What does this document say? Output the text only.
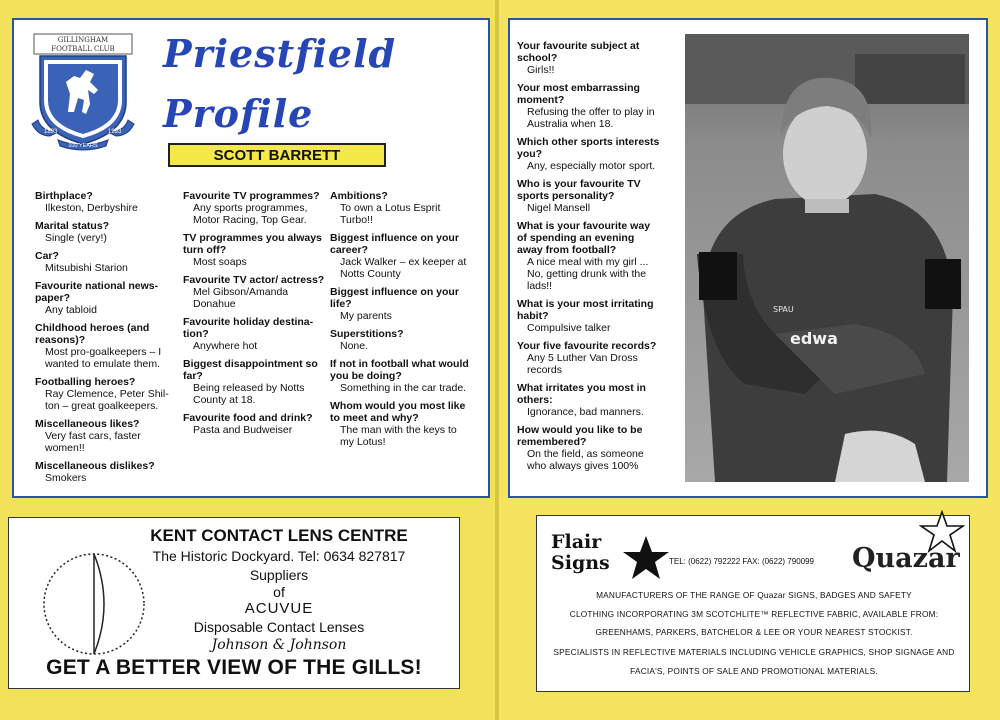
GILLINGHAM
FOOTBALL CLUB
1893	1993
100 YEARS
Priestfield
Profile
SCOTT BARRETT
Birthplace?
Ilkeston, Derbyshire
Marital status?
Single (very!)
Car?
Mitsubishi Starion
Favourite national news-paper?
Any tabloid
Childhood heroes (and reasons)?
Most pro-goalkeepers – I wanted to emulate them.
Footballing heroes?
Ray Clemence, Peter Shil-ton – great goalkeepers.
Miscellaneous likes?
Very fast cars, faster women!!
Miscellaneous dislikes?
Smokers
Favourite TV programmes?
Any sports programmes, Motor Racing, Top Gear.
TV programmes you always turn off?
Most soaps
Favourite TV actor/ actress?
Mel Gibson/Amanda Donahue
Favourite holiday destina-tion?
Anywhere hot
Biggest disappointment so far?
Being released by Notts County at 18.
Favourite food and drink?
Pasta and Budweiser
Ambitions?
To own a Lotus Esprit Turbo!!
Biggest influence on your career?
Jack Walker – ex keeper at Notts County
Biggest influence on your life?
My parents
Superstitions?
None.
If not in football what would you be doing?
Something in the car trade.
Whom would you most like to meet and why?
The man with the keys to my Lotus!
Your favourite subject at school?
Girls!!
Your most embarrassing moment?
Refusing the offer to play in Australia when 18.
Which other sports interests you?
Any, especially motor sport.
Who is your favourite TV sports personality?
Nigel Mansell
What is your favourite way of spending an evening away from football?
A nice meal with my girl ... No, getting drunk with the lads!!
What is your most irritating habit?
Compulsive talker
Your five favourite records?
Any 5 Luther Van Dross records
What irritates you most in others:
Ignorance, bad manners.
How would you like to be remembered?
On the field, as someone who always gives 100%
edwa
SPAU
KENT CONTACT LENS CENTRE
The Historic Dockyard. Tel: 0634 827817
Suppliers
of
ACUVUE
Disposable Contact Lenses
Johnson & Johnson
GET A BETTER VIEW OF THE GILLS!
Flair
Signs	TEL: (0622) 792222 FAX: (0622) 790099 Quazar
MANUFACTURERS OF THE RANGE OF Quazar SIGNS, BADGES AND SAFETY
CLOTHING INCORPORATING 3M SCOTCHLITE™ REFLECTIVE FABRIC, AVAILABLE FROM:
GREENHAMS, PARKERS, BATCHELOR & LEE OR YOUR NEAREST STOCKIST.
SPECIALISTS IN REFLECTIVE MATERIALS INCLUDING VEHICLE GRAPHICS, SHOP SIGNAGE AND
FACIA'S, POINTS OF SALE AND PROMOTIONAL MATERIALS.
